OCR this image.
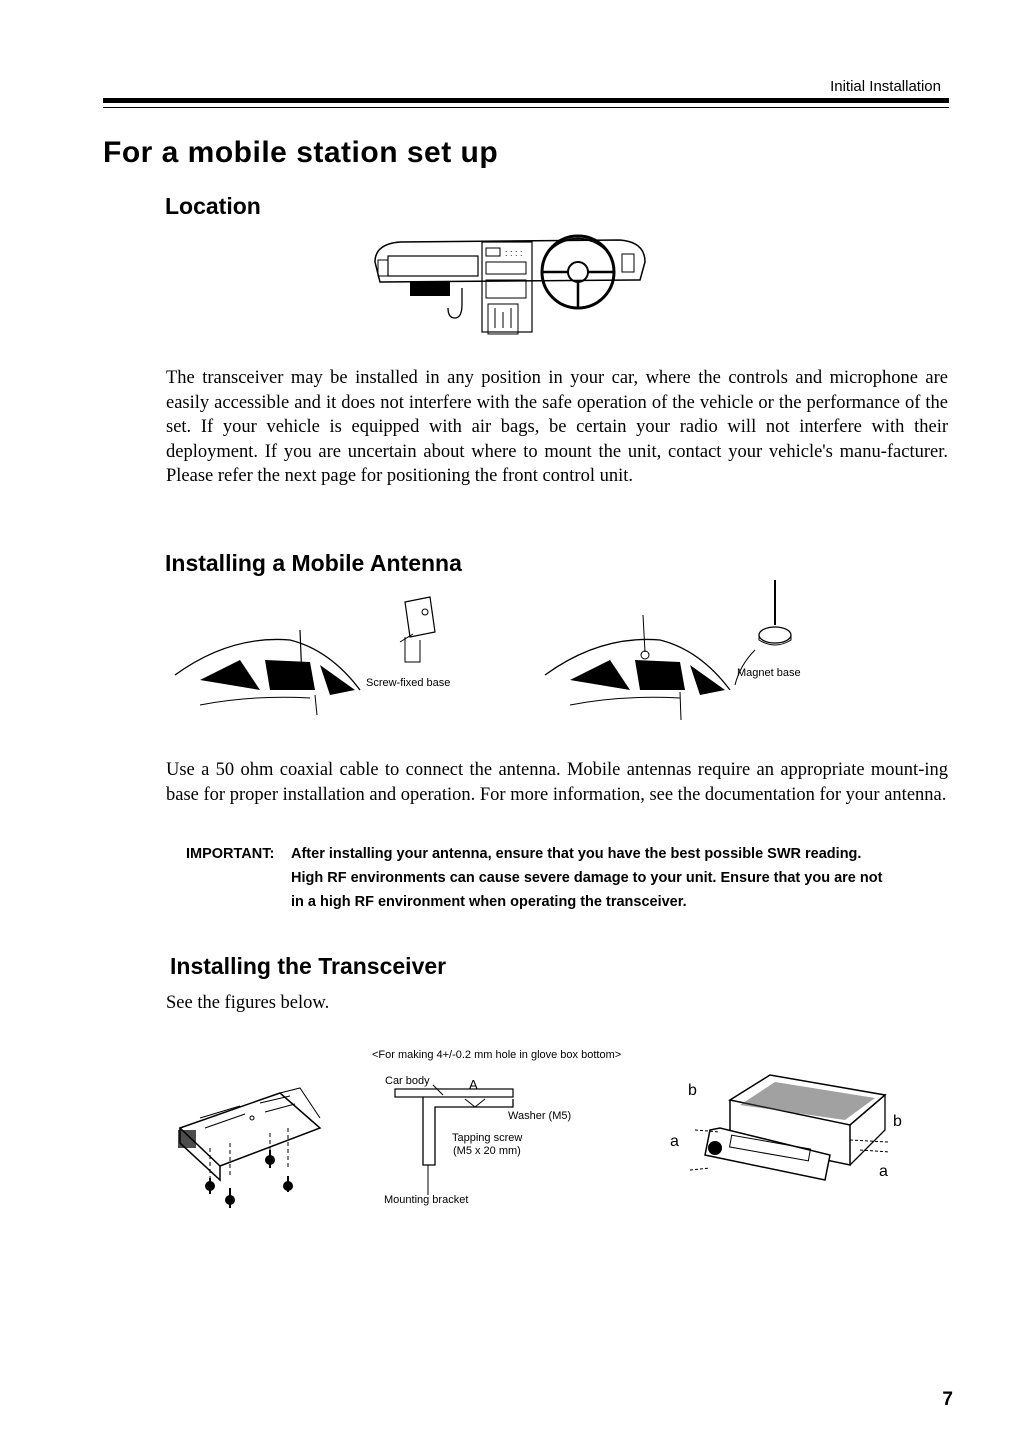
Initial Installation
For a mobile station set up
Location
: : : :
The transceiver may be installed in any position in your car, where the controls and microphone are easily accessible and it does not interfere with the safe operation of the vehicle or the performance of the set. If your vehicle is equipped with air bags, be certain your radio will not interfere with their deployment. If you are uncertain about where to mount the unit, contact your vehicle's manu-facturer. Please refer the next page for positioning the front control unit.
Installing a Mobile Antenna
Screw-fixed base
Magnet base
Use a 50 ohm coaxial cable to connect the antenna. Mobile antennas require an appropriate mount-ing base for proper installation and operation. For more information, see the documentation for your antenna.
IMPORTANT: After installing your antenna, ensure that you have the best possible SWR reading.
High RF environments can cause severe damage to your unit. Ensure that you are not
in a high RF environment when operating the transceiver.
Installing the Transceiver
See the figures below.
<For making 4+/-0.2 mm hole in glove box bottom>
Car body	A
Washer (M5)
Tapping screw
(M5 x 20 mm)
Mounting bracket
b
a
b
a
7
